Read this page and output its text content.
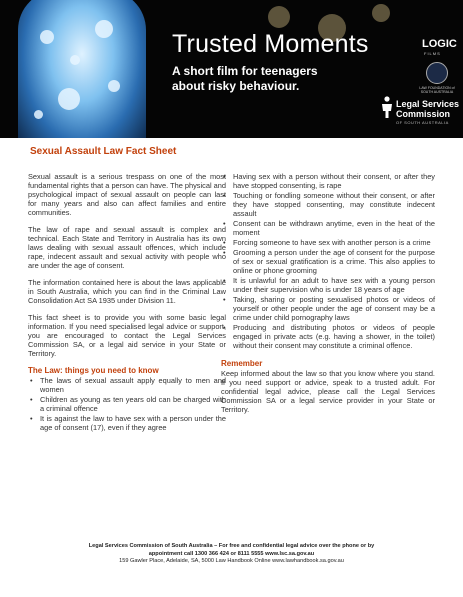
Trusted Moments
A short film for teenagers about risky behaviour.
LOGIC
FILMS
LAW FOUNDATION of SOUTH AUSTRALIA
Legal Services Commission
OF SOUTH AUSTRALIA
Sexual Assault Law Fact Sheet

Sexual assault is a serious trespass on one of the most fundamental rights that a person can have. The physical and psychological impact of sexual assault on people can last for many years and also can affect families and entire communities.

The law of rape and sexual assault is complex and technical. Each State and Territory in Australia has its own laws dealing with sexual assault offences, which include rape, indecent assault and sexual activity with people who are under the age of consent.

The information contained here is about the laws applicable in South Australia, which you can find in the Criminal Law Consolidation Act SA 1935 under Division 11.

This fact sheet is to provide you with some basic legal information. If you need specialised legal advice or support, you are encouraged to contact the Legal Services Commission SA, or a legal aid service in your State or Territory.

The Law: things you need to know
• The laws of sexual assault apply equally to men and women
• Children as young as ten years old can be charged with a criminal offence
• It is against the law to have sex with a person under the age of consent (17), even if they agree
• Having sex with a person without their consent, or after they have stopped consenting, is rape
• Touching or fondling someone without their consent, or after they have stopped consenting, may constitute indecent assault
• Consent can be withdrawn anytime, even in the heat of the moment
• Forcing someone to have sex with another person is a crime
• Grooming a person under the age of consent for the purpose of sex or sexual gratification is a crime. This also applies to online or phone grooming
• It is unlawful for an adult to have sex with a young person under their supervision who is under 18 years of age
• Taking, sharing or posting sexualised photos or videos of yourself or other people under the age of consent may be a crime under child pornography laws
• Producing and distributing photos or videos of people engaged in private acts (e.g. having a shower, in the toilet) without their consent may constitute a criminal offence.
Remember

Keep informed about the law so that you know where you stand. If you need support or advice, speak to a trusted adult. For confidential legal advice, please call the Legal Services Commission SA or a legal service provider in your State or Territory.

Legal Services Commission of South Australia – For free and confidential legal advice over the phone or by
appointment call 1300 366 424 or 8111 5555 www.lsc.sa.gov.au
159 Gawler Place, Adelaide, SA, 5000 Law Handbook Online www.lawhandbook.sa.gov.au
